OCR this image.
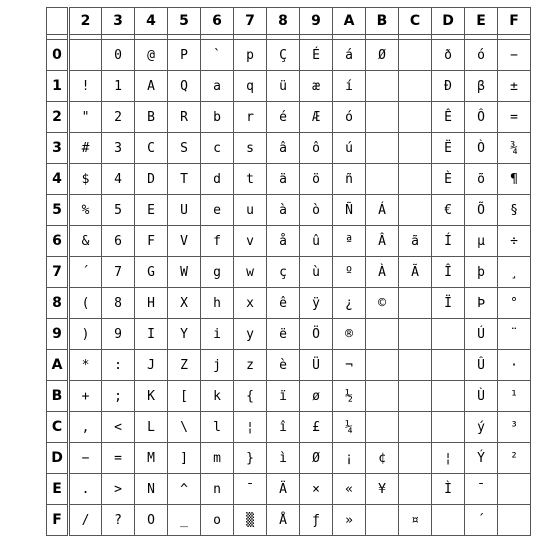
	2	3	4	5	6	7	8	9	A	B	C	D	E	F

0		0	@	P	`	p	Ç	É	á	Ø		ð	ó	−
1	!	1	A	Q	a	q	ü	æ	í			Đ	β	±
2	"	2	B	R	b	r	é	Æ	ó			Ê	Ô	=
3	#	3	C	S	c	s	â	ô	ú			Ë	Ò	¾
4	$	4	D	T	d	t	ä	ö	ñ			È	õ	¶
5	%	5	E	U	e	u	à	ò	Ñ	Á		€	Õ	§
6	&	6	F	V	f	v	å	û	ª	Â	ã	Í	µ	÷
7	´	7	G	W	g	w	ç	ù	º	À	Ã	Î	þ	¸
8	(	8	H	X	h	x	ê	ÿ	¿	©		Ï	Þ	°
9	)	9	I	Y	i	y	ë	Ö	®				Ú	¨
A	*	:	J	Z	j	z	è	Ü	¬				Û	·
B	+	;	K	[	k	{	ï	ø	½				Ù	¹
C	,	<	L	\	l	¦	î	£	¼				ý	³
D	−	=	M	]	m	}	ì	Ø	¡	¢		¦	Ý	²
E	.	>	N	^	n	¯	Ä	×	«	¥		Ì	¯	
F	/	?	O	_	o	▒	Å	ƒ	»		¤		´	
